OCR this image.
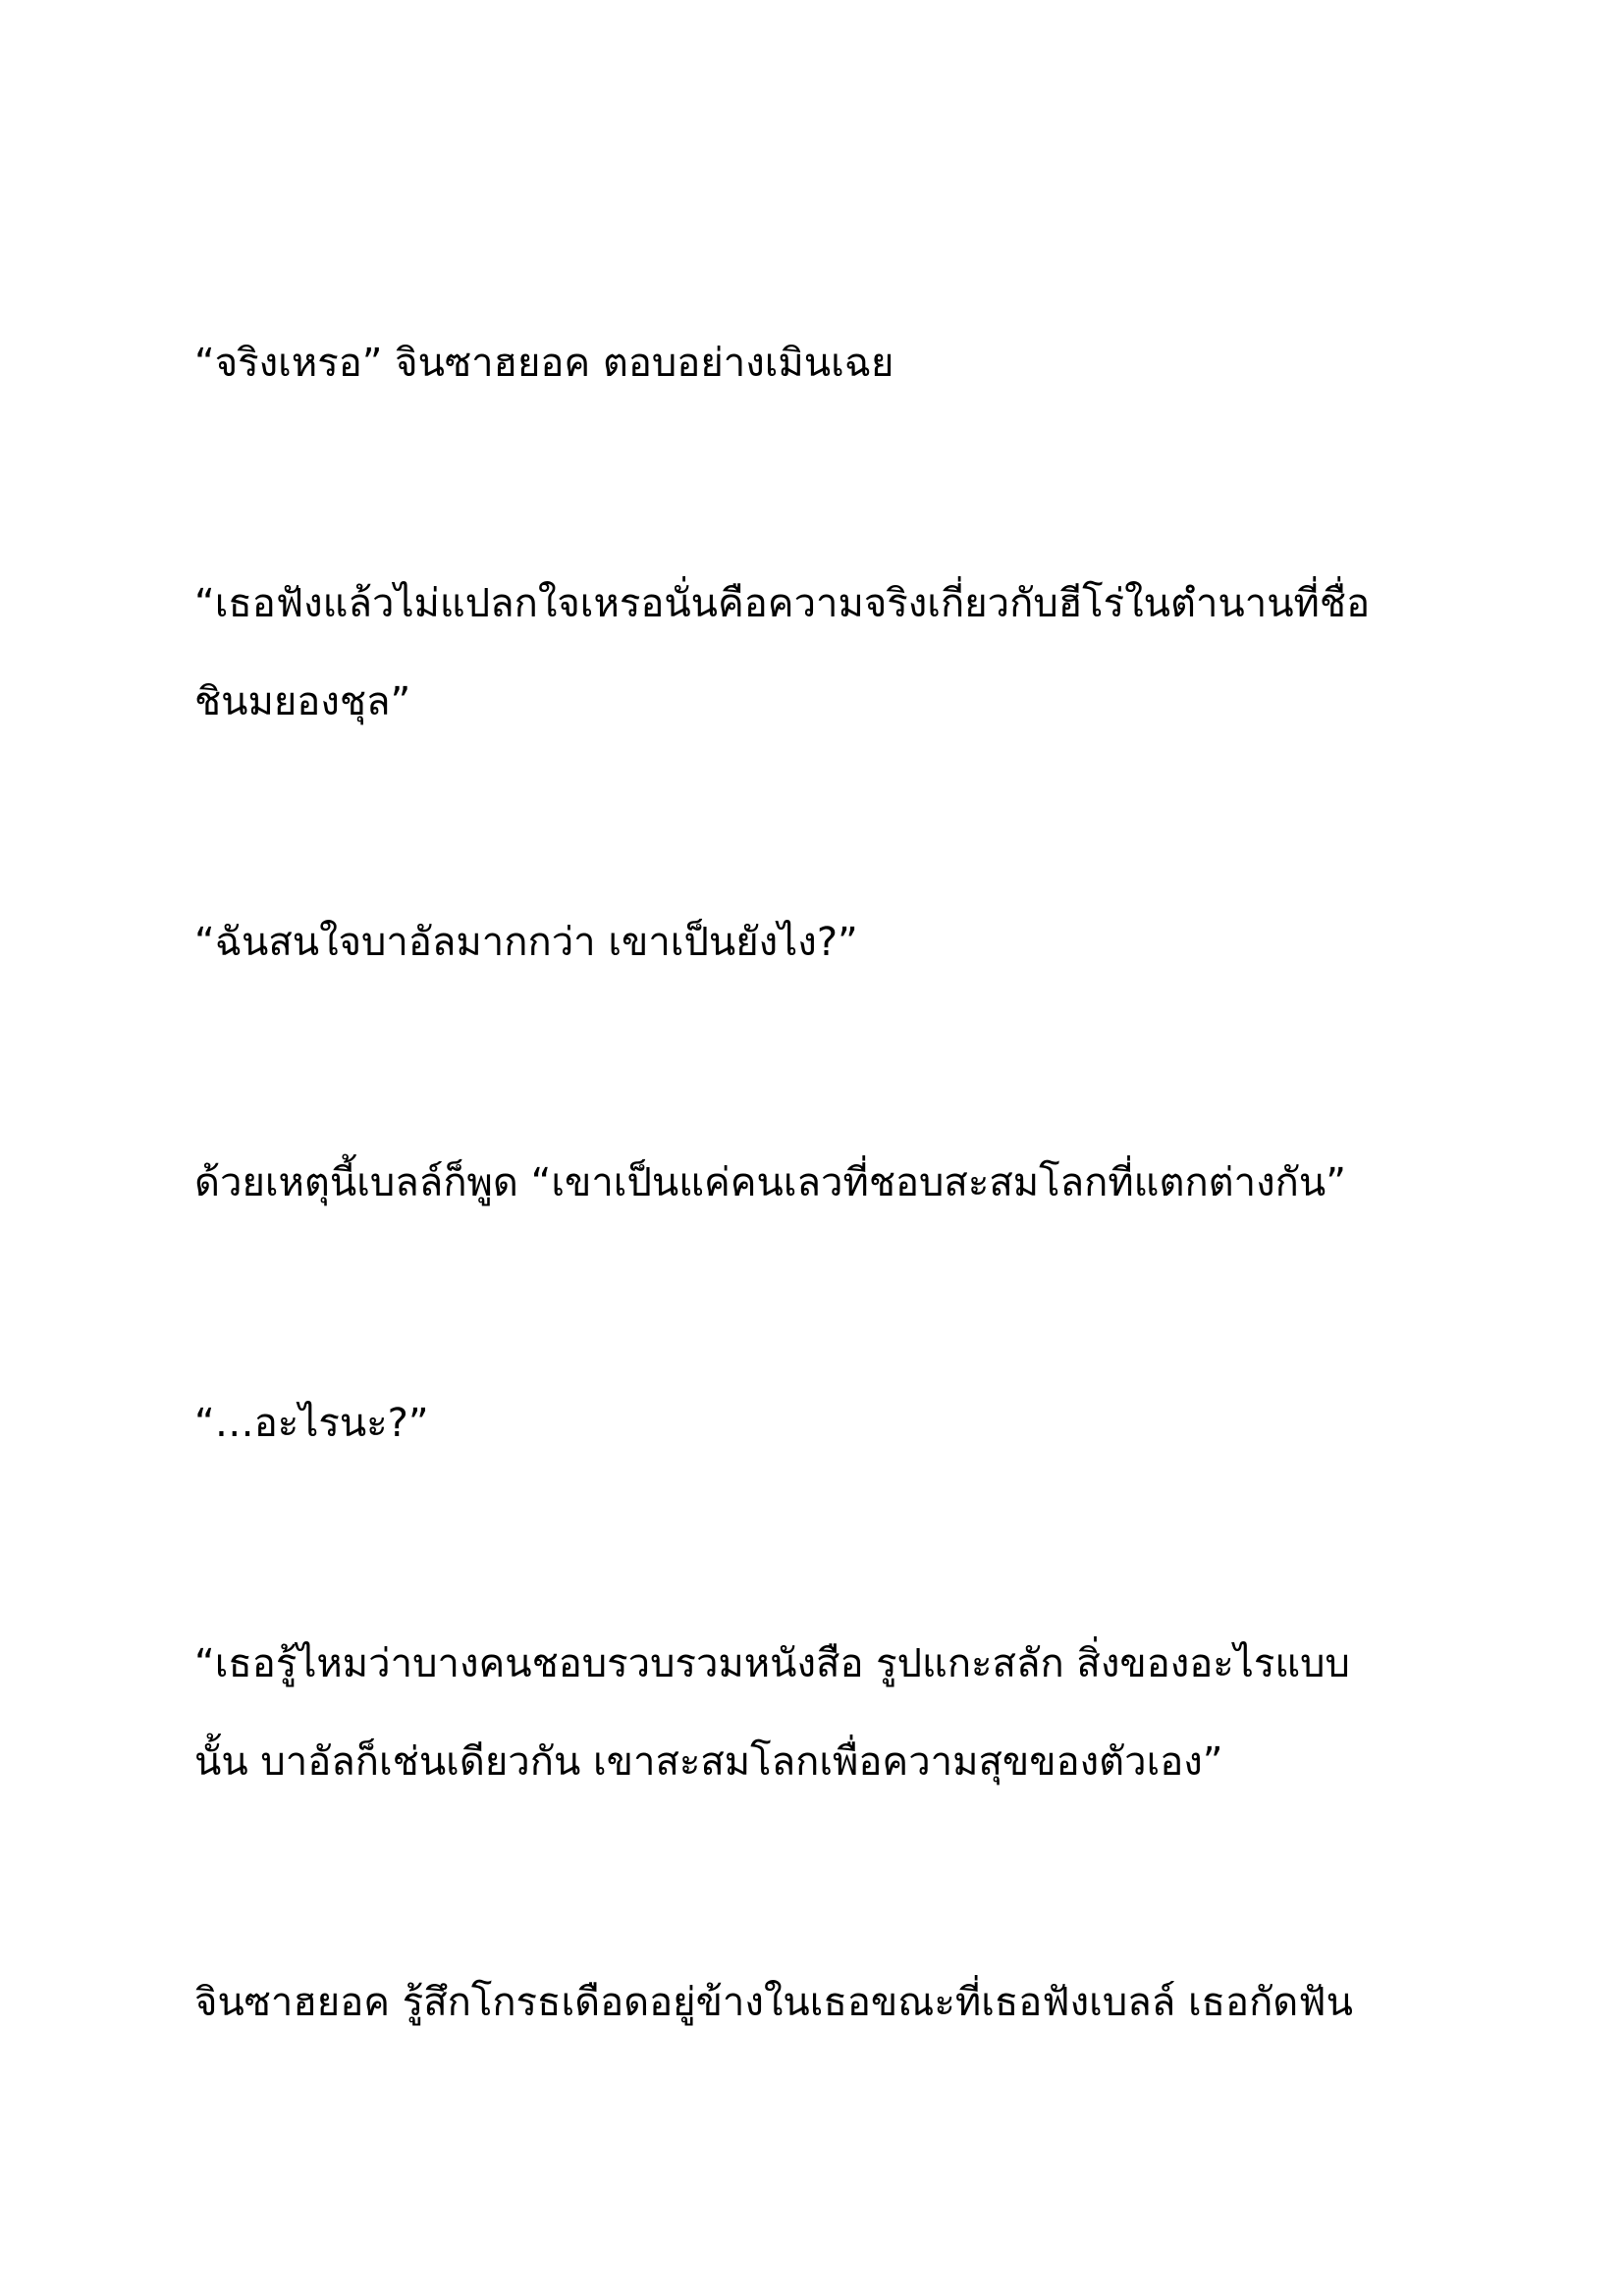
“จริงเหรอ” จินซาฮยอค ตอบอย่างเมินเฉย

“เธอฟังแล้วไม่แปลกใจเหรอนั่นคือความจริงเกี่ยวกับฮีโร่ในตำนานที่ชื่อ
ชินมยองชุล”

“ฉันสนใจบาอัลมากกว่า เขาเป็นยังไง?”

ด้วยเหตุนี้เบลล์ก็พูด “เขาเป็นแค่คนเลวที่ชอบสะสมโลกที่แตกต่างกัน”

“…อะไรนะ?”

“เธอรู้ไหมว่าบางคนชอบรวบรวมหนังสือ รูปแกะสลัก สิ่งของอะไรแบบ
นั้น บาอัลก็เช่นเดียวกัน เขาสะสมโลกเพื่อความสุขของตัวเอง”

จินซาฮยอค รู้สึกโกรธเดือดอยู่ข้างในเธอขณะที่เธอฟังเบลล์ เธอกัดฟัน
